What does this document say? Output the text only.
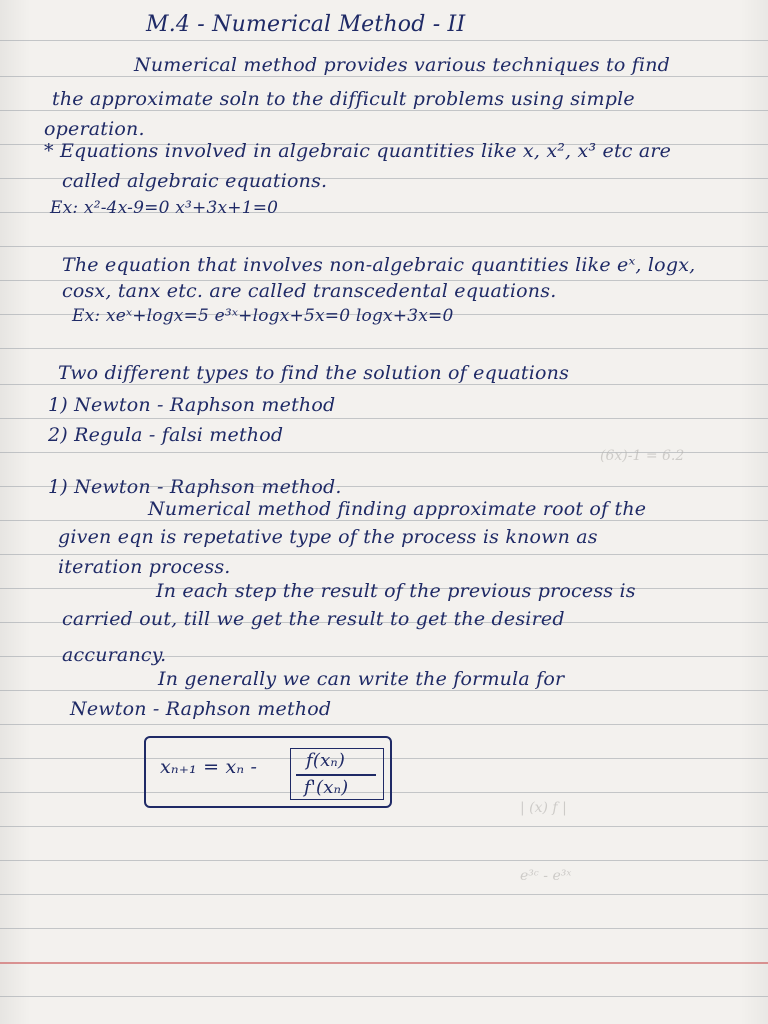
(6x)-1 = 6.2
| (x) f |
e³ᶜ - e³ˣ
M.4 - Numerical Method - II
Numerical method provides various techniques to find
the approximate soln to the difficult problems using simple
operation.
* Equations involved in algebraic quantities like x, x², x³ etc are
called algebraic equations.
Ex: x²-4x-9=0 x³+3x+1=0
The equation that involves non-algebraic quantities like eˣ, logx,
cosx, tanx etc. are called transcedental equations.
Ex: xeˣ+logx=5 e³ˣ+logx+5x=0 logx+3x=0
Two different types to find the solution of equations
1) Newton - Raphson method
2) Regula - falsi method
1) Newton - Raphson method.
Numerical method finding approximate root of the
given eqn is repetative type of the process is known as
iteration process.
In each step the result of the previous process is
carried out, till we get the result to get the desired
accurancy.
In generally we can write the formula for
Newton - Raphson method
xₙ₊₁ = xₙ -	f(xₙ)
f'(xₙ)
